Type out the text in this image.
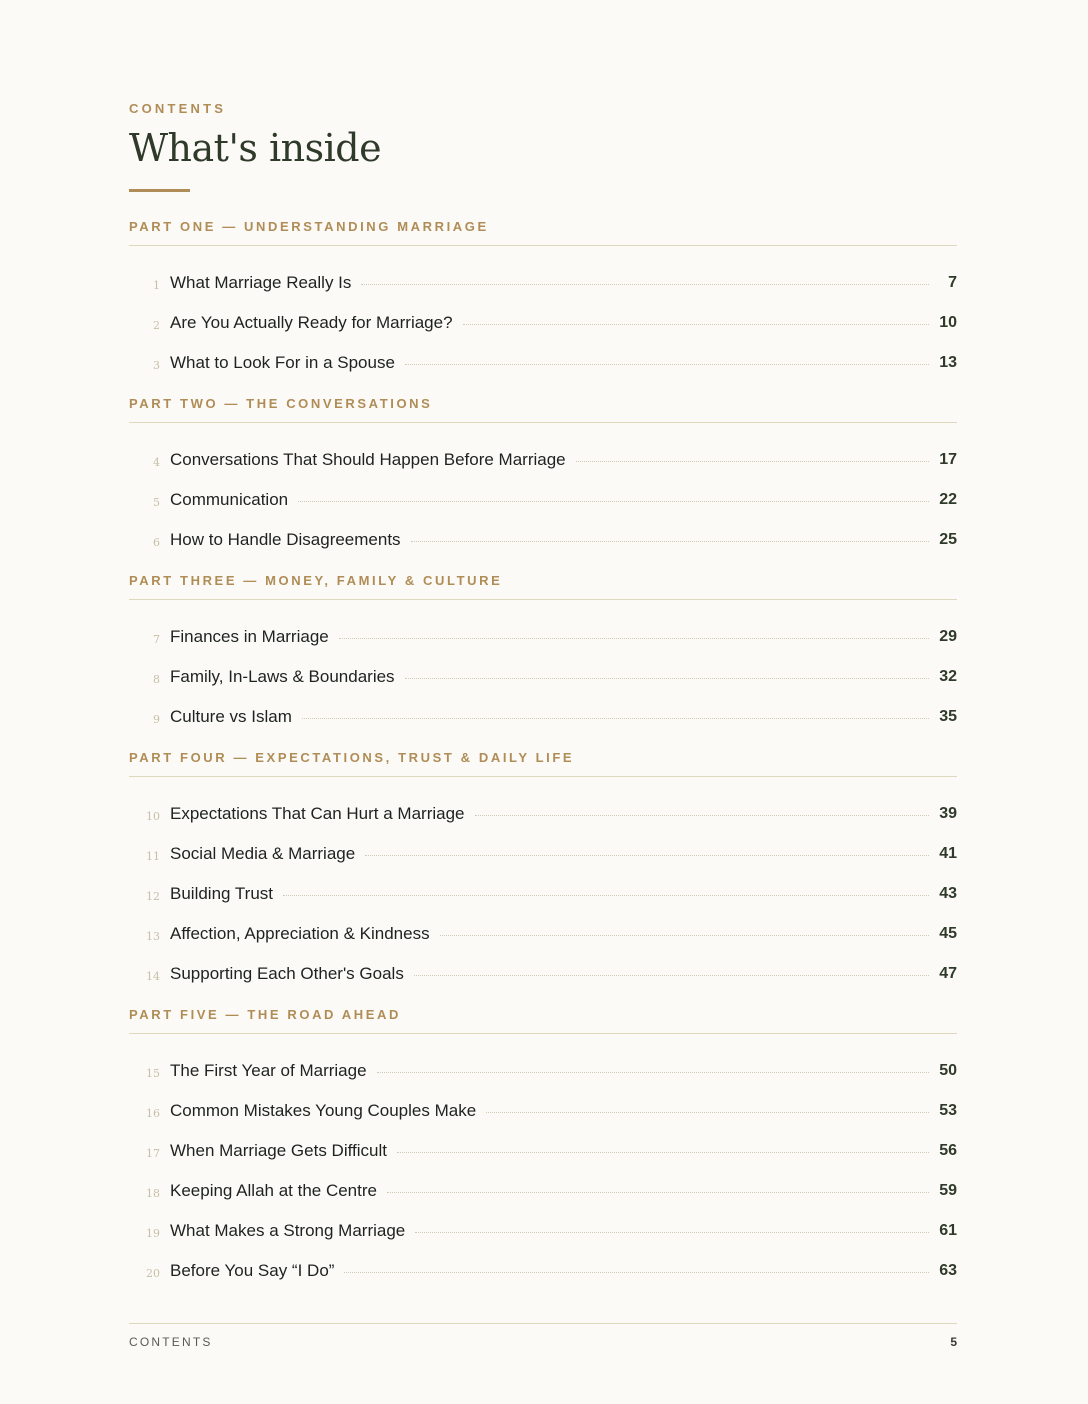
CONTENTS
What's inside
PART ONE — UNDERSTANDING MARRIAGE
1 What Marriage Really Is	7
2 Are You Actually Ready for Marriage?	10
3 What to Look For in a Spouse	13
PART TWO — THE CONVERSATIONS
4 Conversations That Should Happen Before Marriage	17
5 Communication	22
6 How to Handle Disagreements	25
PART THREE — MONEY, FAMILY & CULTURE
7 Finances in Marriage	29
8 Family, In-Laws & Boundaries	32
9 Culture vs Islam	35
PART FOUR — EXPECTATIONS, TRUST & DAILY LIFE
10 Expectations That Can Hurt a Marriage	39
11 Social Media & Marriage	41
12 Building Trust	43
13 Affection, Appreciation & Kindness	45
14 Supporting Each Other's Goals	47
PART FIVE — THE ROAD AHEAD
15 The First Year of Marriage	50
16 Common Mistakes Young Couples Make	53
17 When Marriage Gets Difficult	56
18 Keeping Allah at the Centre	59
19 What Makes a Strong Marriage	61
20 Before You Say “I Do”	63
CONTENTS	5
